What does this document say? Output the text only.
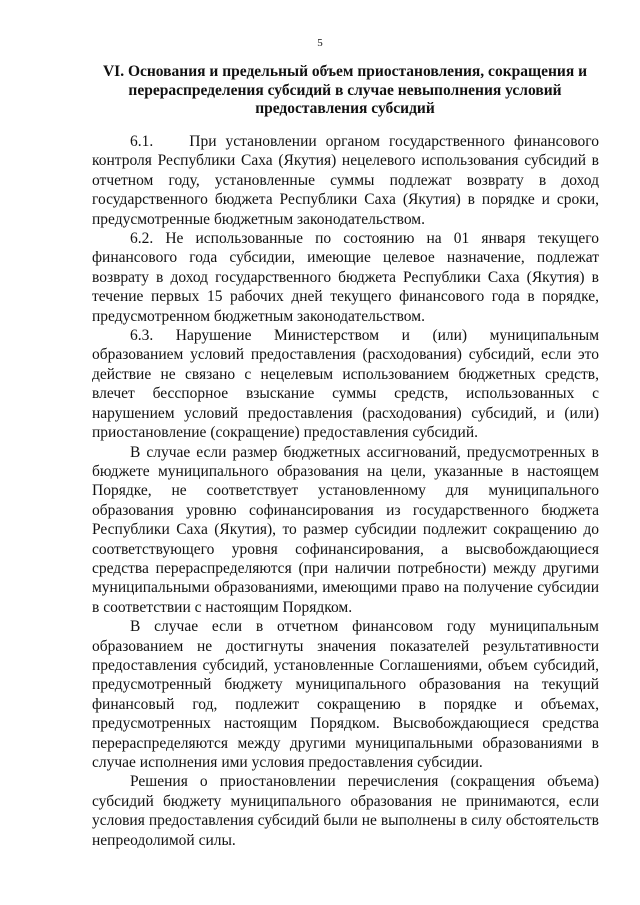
5
VI. Основания и предельный объем приостановления, сокращения и перераспределения субсидий в случае невыполнения условий предоставления субсидий

6.1.    При установлении органом государственного финансового контроля Республики Саха (Якутия) нецелевого использования субсидий в отчетном году, установленные суммы подлежат возврату в доход государственного бюджета Республики Саха (Якутия) в порядке и сроки, предусмотренные бюджетным законодательством.

6.2. Не использованные по состоянию на 01 января текущего финансового года субсидии, имеющие целевое назначение, подлежат возврату в доход государственного бюджета Республики Саха (Якутия) в течение первых 15 рабочих дней текущего финансового года в порядке, предусмотренном бюджетным законодательством.

6.3. Нарушение Министерством и (или) муниципальным образованием условий предоставления (расходования) субсидий, если это действие не связано с нецелевым использованием бюджетных средств, влечет бесспорное взыскание суммы средств, использованных с нарушением условий предоставления (расходования) субсидий, и (или) приостановление (сокращение) предоставления субсидий.

В случае если размер бюджетных ассигнований, предусмотренных в бюджете муниципального образования на цели, указанные в настоящем Порядке, не соответствует установленному для муниципального образования уровню софинансирования из государственного бюджета Республики Саха (Якутия), то размер субсидии подлежит сокращению до соответствующего уровня софинансирования, а высвобождающиеся средства перераспределяются (при наличии потребности) между другими муниципальными образованиями, имеющими право на получение субсидии в соответствии с настоящим Порядком.

В случае если в отчетном финансовом году муниципальным образованием не достигнуты значения показателей результативности предоставления субсидий, установленные Соглашениями, объем субсидий, предусмотренный бюджету муниципального образования на текущий финансовый год, подлежит сокращению в порядке и объемах, предусмотренных настоящим Порядком. Высвобождающиеся средства перераспределяются между другими муниципальными образованиями в случае исполнения ими условия предоставления субсидии.

Решения о приостановлении перечисления (сокращения объема) субсидий бюджету муниципального образования не принимаются, если условия предоставления субсидий были не выполнены в силу обстоятельств непреодолимой силы.
